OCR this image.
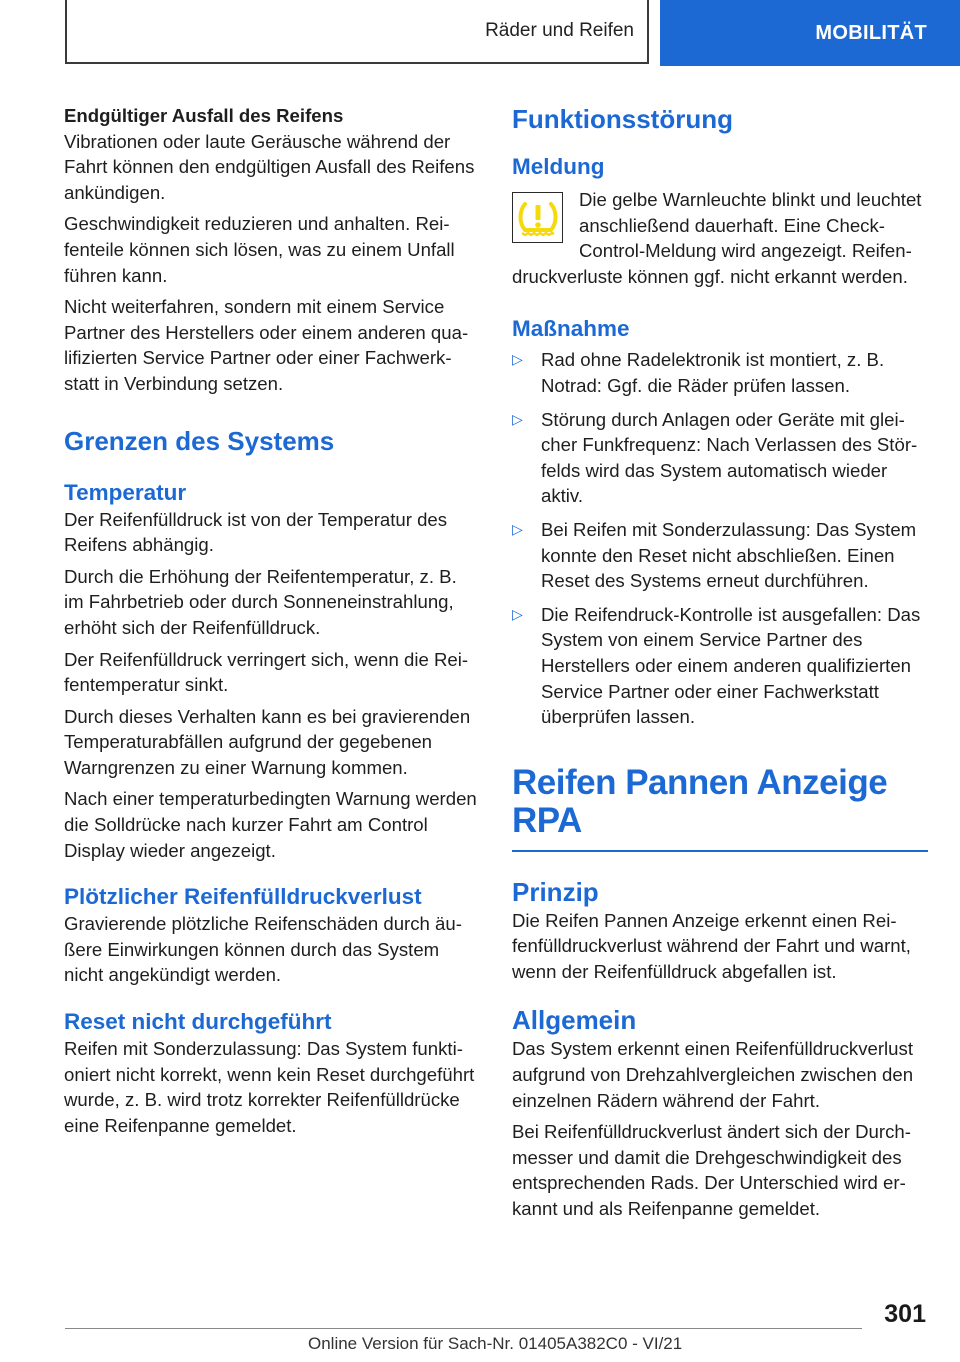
Räder und Reifen	MOBILITÄT
Endgültiger Ausfall des Reifens

Vibrationen oder laute Geräusche während der Fahrt können den endgültigen Ausfall des Reifens ankündigen.

Geschwindigkeit reduzieren und anhalten. Reifenteile können sich lösen, was zu einem Unfall führen kann.

Nicht weiterfahren, sondern mit einem Service Partner des Herstellers oder einem anderen qualifizierten Service Partner oder einer Fachwerkstatt in Verbindung setzen.

Grenzen des Systems
Temperatur

Der Reifenfülldruck ist von der Temperatur des Reifens abhängig.

Durch die Erhöhung der Reifentemperatur, z. B. im Fahrbetrieb oder durch Sonneneinstrahlung, erhöht sich der Reifenfülldruck.

Der Reifenfülldruck verringert sich, wenn die Reifentemperatur sinkt.

Durch dieses Verhalten kann es bei gravierenden Temperaturabfällen aufgrund der gegebenen Warngrenzen zu einer Warnung kommen.

Nach einer temperaturbedingten Warnung werden die Solldrücke nach kurzer Fahrt am Control Display wieder angezeigt.

Plötzlicher Reifenfülldruckverlust

Gravierende plötzliche Reifenschäden durch äußere Einwirkungen können durch das System nicht angekündigt werden.

Reset nicht durchgeführt

Reifen mit Sonderzulassung: Das System funktioniert nicht korrekt, wenn kein Reset durchgeführt wurde, z. B. wird trotz korrekter Reifenfülldrücke eine Reifenpanne gemeldet.

Funktionsstörung
Meldung

Die gelbe Warnleuchte blinkt und leuchtet anschließend dauerhaft. Eine Check-Control-Meldung wird angezeigt. Reifendruckverluste können ggf. nicht erkannt werden.

Maßnahme
▷ Rad ohne Radelektronik ist montiert, z. B. Notrad: Ggf. die Räder prüfen lassen.
▷ Störung durch Anlagen oder Geräte mit gleicher Funkfrequenz: Nach Verlassen des Störfelds wird das System automatisch wieder aktiv.
▷ Bei Reifen mit Sonderzulassung: Das System konnte den Reset nicht abschließen. Einen Reset des Systems erneut durchführen.
▷ Die Reifendruck-Kontrolle ist ausgefallen: Das System von einem Service Partner des Herstellers oder einem anderen qualifizierten Service Partner oder einer Fachwerkstatt überprüfen lassen.
Reifen Pannen Anzeige RPA
Prinzip

Die Reifen Pannen Anzeige erkennt einen Reifenfülldruckverlust während der Fahrt und warnt, wenn der Reifenfülldruck abgefallen ist.

Allgemein

Das System erkennt einen Reifenfülldruckverlust aufgrund von Drehzahlvergleichen zwischen den einzelnen Rädern während der Fahrt.

Bei Reifenfülldruckverlust ändert sich der Durchmesser und damit die Drehgeschwindigkeit des entsprechenden Rads. Der Unterschied wird erkannt und als Reifenpanne gemeldet.

301
Online Version für Sach-Nr. 01405A382C0 - VI/21
